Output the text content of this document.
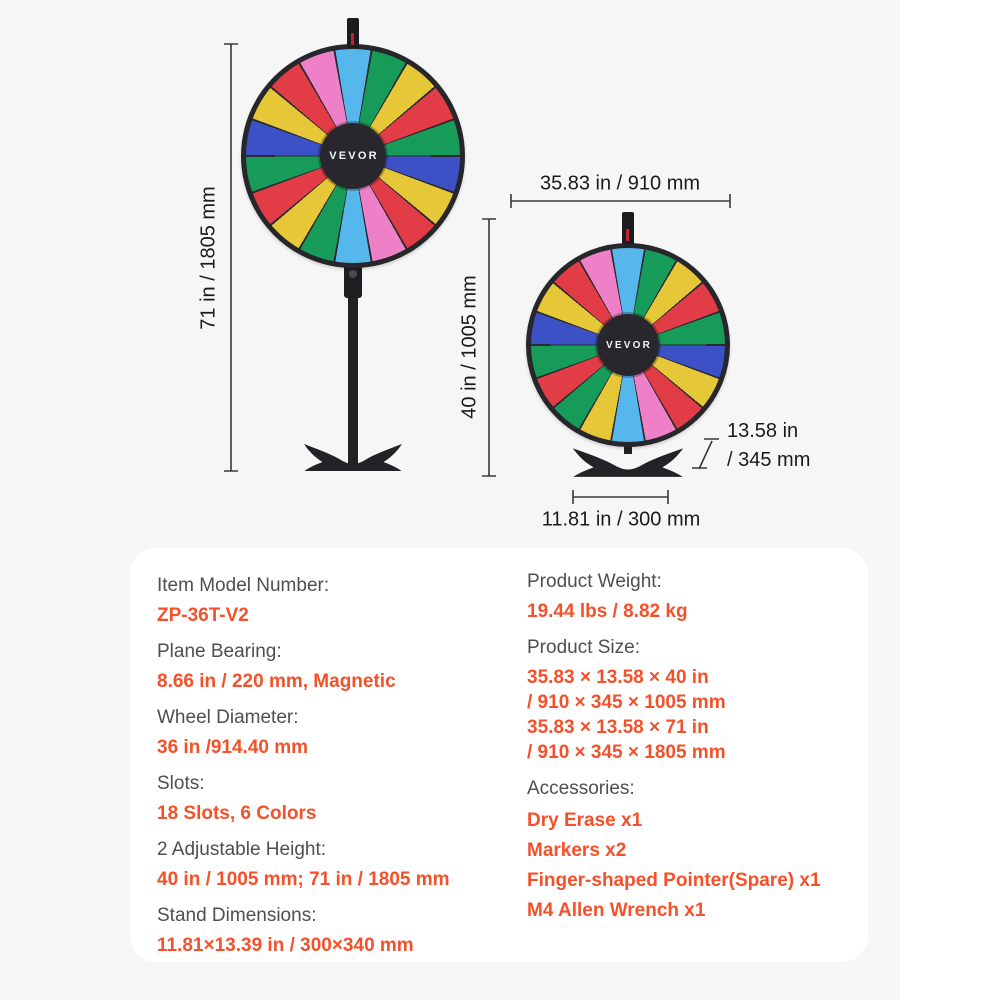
VEVOR
VEVOR
71 in / 1805 mm
35.83 in / 910 mm
40 in / 1005 mm
13.58 in
/ 345 mm
11.81 in / 300 mm
Item Model Number:
ZP-36T-V2
Plane Bearing:
8.66 in / 220 mm, Magnetic
Wheel Diameter:
36 in /914.40 mm
Slots:
18 Slots, 6 Colors
2 Adjustable Height:
40 in / 1005 mm; 71 in / 1805 mm
Stand Dimensions:
11.81×13.39 in / 300×340 mm
Product Weight:
19.44 lbs / 8.82 kg
Product Size:
35.83 × 13.58 × 40 in
/ 910 × 345 × 1005 mm
35.83 × 13.58 × 71 in
/ 910 × 345 × 1805 mm
Accessories:
Dry Erase x1
Markers x2
Finger-shaped Pointer(Spare) x1
M4 Allen Wrench x1
